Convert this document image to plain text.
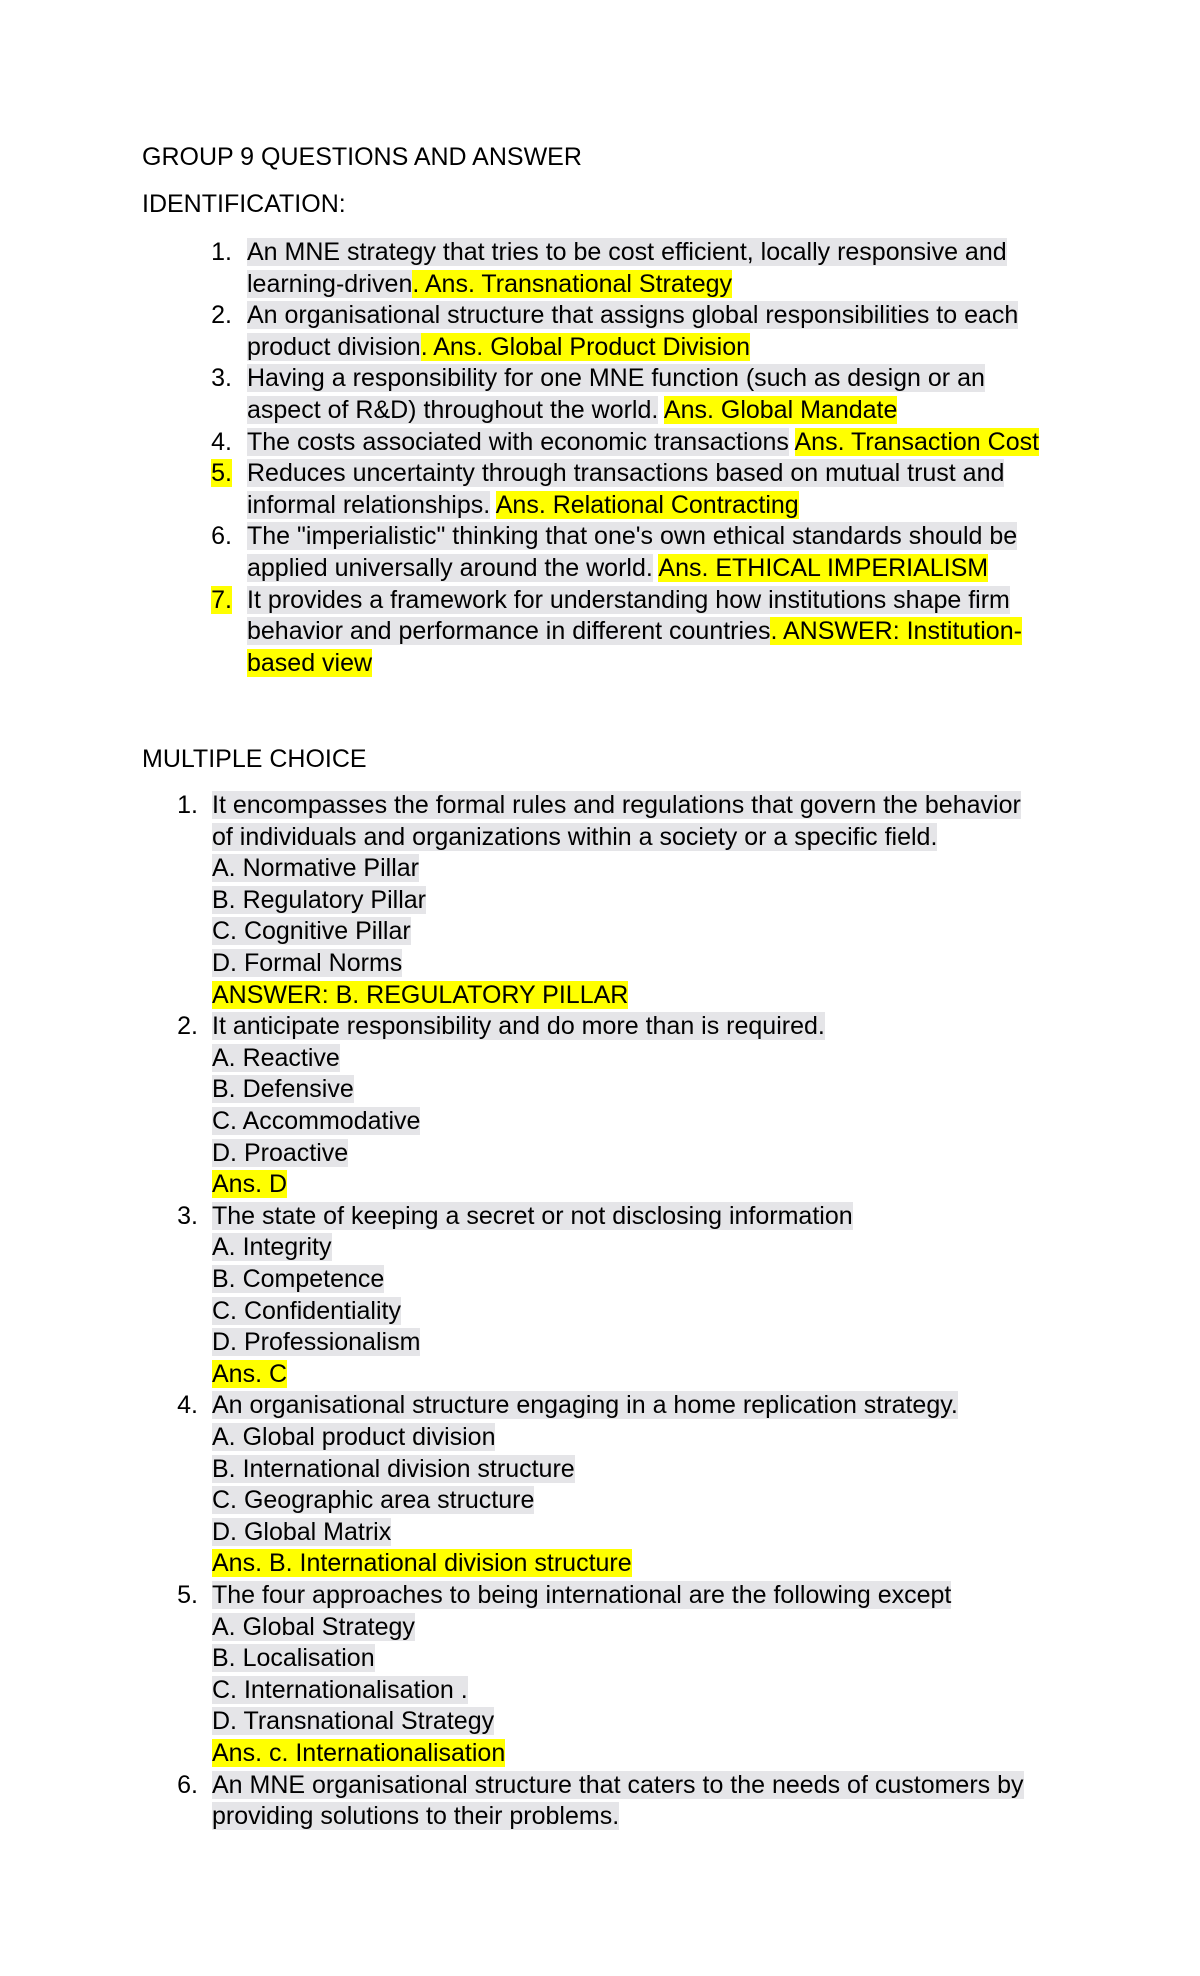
GROUP 9 QUESTIONS AND ANSWER
IDENTIFICATION:
1. An MNE strategy that tries to be cost efficient, locally responsive and
learning-driven. Ans. Transnational Strategy
2. An organisational structure that assigns global responsibilities to each
product division. Ans. Global Product Division
3. Having a responsibility for one MNE function (such as design or an
aspect of R&D) throughout the world. Ans. Global Mandate
4. The costs associated with economic transactions Ans. Transaction Cost
5. Reduces uncertainty through transactions based on mutual trust and
informal relationships. Ans. Relational Contracting
6. The "imperialistic" thinking that one's own ethical standards should be
applied universally around the world. Ans. ETHICAL IMPERIALISM
7. It provides a framework for understanding how institutions shape firm
behavior and performance in different countries. ANSWER: Institution-
based view
MULTIPLE CHOICE
1. It encompasses the formal rules and regulations that govern the behavior
of individuals and organizations within a society or a specific field.
A. Normative Pillar
B. Regulatory Pillar
C. Cognitive Pillar
D. Formal Norms
ANSWER: B. REGULATORY PILLAR
2. It anticipate responsibility and do more than is required.
A. Reactive
B. Defensive
C. Accommodative
D. Proactive
Ans. D
3. The state of keeping a secret or not disclosing information
A. Integrity
B. Competence
C. Confidentiality
D. Professionalism
Ans. C
4. An organisational structure engaging in a home replication strategy.
A. Global product division
B. International division structure
C. Geographic area structure
D. Global Matrix
Ans. B. International division structure
5. The four approaches to being international are the following except
A. Global Strategy
B. Localisation
C. Internationalisation .
D. Transnational Strategy
Ans. c. Internationalisation
6. An MNE organisational structure that caters to the needs of customers by
providing solutions to their problems.
